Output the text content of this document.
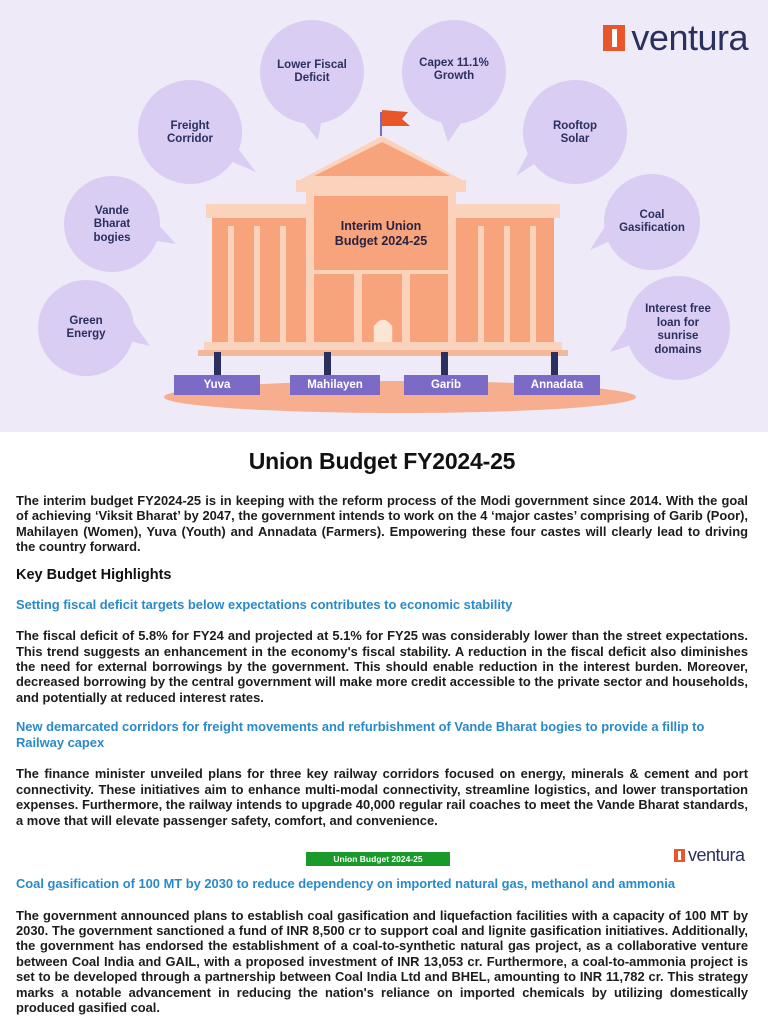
Lower Fiscal
Deficit
Capex 11.1%
Growth
Freight
Corridor
Rooftop
Solar
Vande
Bharat
bogies
Coal
Gasification
Green
Energy
Interest free
loan for
sunrise
domains
Interim Union
Budget 2024-25
Yuva	Mahilayen	Garib	Annadata
ventura
Union Budget FY2024-25

The interim budget FY2024-25 is in keeping with the reform process of the Modi government since 2014. With the goal of achieving ‘Viksit Bharat’ by 2047, the government intends to work on the 4 ‘major castes’ comprising of Garib (Poor), Mahilayen (Women), Yuva (Youth) and Annadata (Farmers). Empowering these four castes will clearly lead to driving the country forward.

Key Budget Highlights
Setting fiscal deficit targets below expectations contributes to economic stability

The fiscal deficit of 5.8% for FY24 and projected at 5.1% for FY25 was considerably lower than the street expectations. This trend suggests an enhancement in the economy's fiscal stability. A reduction in the fiscal deficit also diminishes the need for external borrowings by the government. This should enable reduction in the interest burden. Moreover, decreased borrowing by the central government will make more credit accessible to the private sector and households, and potentially at reduced interest rates.

New demarcated corridors for freight movements and refurbishment of Vande Bharat bogies to provide a fillip to Railway capex

The finance minister unveiled plans for three key railway corridors focused on energy, minerals & cement and port connectivity. These initiatives aim to enhance multi-modal connectivity, streamline logistics, and lower transportation expenses. Furthermore, the railway intends to upgrade 40,000 regular rail coaches to meet the Vande Bharat standards, a move that will elevate passenger safety, comfort, and convenience.

Union Budget 2024-25	ventura
Coal gasification of 100 MT by 2030 to reduce dependency on imported natural gas, methanol and ammonia

The government announced plans to establish coal gasification and liquefaction facilities with a capacity of 100 MT by 2030. The government sanctioned a fund of INR 8,500 cr to support coal and lignite gasification initiatives. Additionally, the government has endorsed the establishment of a coal-to-synthetic natural gas project, as a collaborative venture between Coal India and GAIL, with a proposed investment of INR 13,053 cr. Furthermore, a coal-to-ammonia project is set to be developed through a partnership between Coal India Ltd and BHEL, amounting to INR 11,782 cr. This strategy marks a notable advancement in reducing the nation's reliance on imported chemicals by utilizing domestically produced gasified coal.
